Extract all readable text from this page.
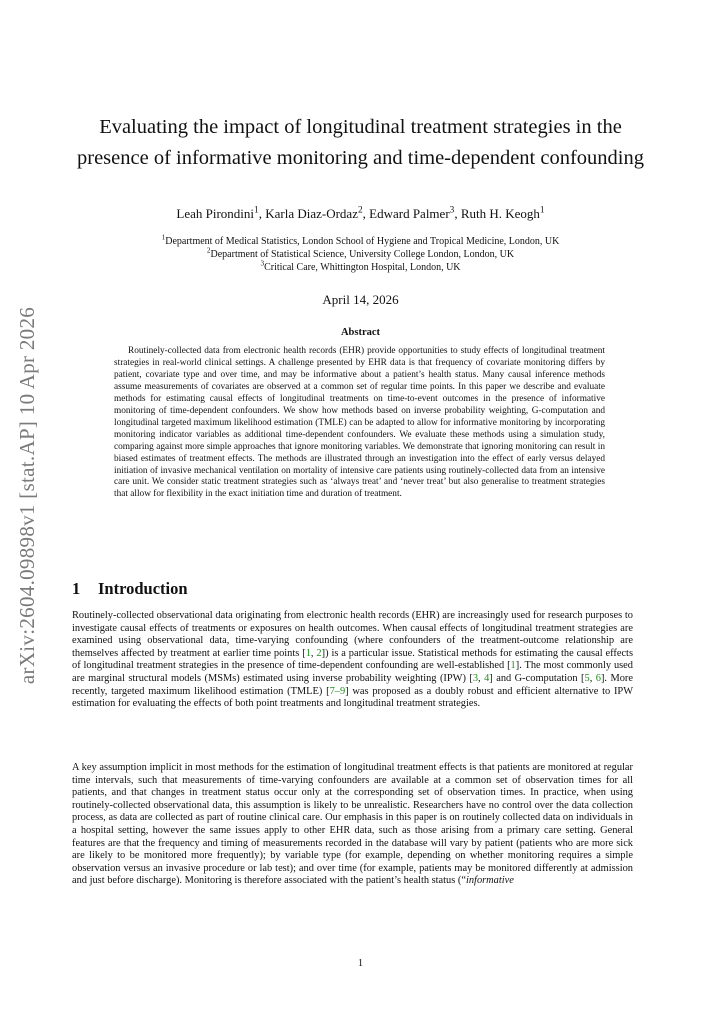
arXiv:2604.09898v1 [stat.AP] 10 Apr 2026
Evaluating the impact of longitudinal treatment strategies in the presence of informative monitoring and time-dependent confounding
Leah Pirondini$^1$, Karla Diaz-Ordaz$^2$, Edward Palmer$^3$, Ruth H. Keogh$^1$
$^1$Department of Medical Statistics, London School of Hygiene and Tropical Medicine, London, UK
$^2$Department of Statistical Science, University College London, London, UK
$^3$Critical Care, Whittington Hospital, London, UK
April 14, 2026
Abstract

Routinely-collected data from electronic health records (EHR) provide opportunities to study effects of longitudinal treatment strategies in real-world clinical settings. A challenge presented by EHR data is that frequency of covariate monitoring differs by patient, covariate type and over time, and may be informative about a patient’s health status. Many causal inference methods assume measurements of covariates are observed at a common set of regular time points. In this paper we describe and evaluate methods for estimating causal effects of longitudinal treatments on time-to-event outcomes in the presence of informative monitoring of time-dependent confounders. We show how methods based on inverse probability weighting, G-computation and longitudinal targeted maximum likelihood estimation (TMLE) can be adapted to allow for informative monitoring by incorporating monitoring indicator variables as additional time-dependent confounders. We evaluate these methods using a simulation study, comparing against more simple approaches that ignore monitoring variables. We demonstrate that ignoring monitoring can result in biased estimates of treatment effects. The methods are illustrated through an investigation into the effect of early versus delayed initiation of invasive mechanical ventilation on mortality of intensive care patients using routinely-collected data from an intensive care unit. We consider static treatment strategies such as ‘always treat’ and ‘never treat’ but also generalise to treatment strategies that allow for flexibility in the exact initiation time and duration of treatment.

1 Introduction

Routinely-collected observational data originating from electronic health records (EHR) are increasingly used for research purposes to investigate causal effects of treatments or exposures on health outcomes. When causal effects of longitudinal treatment strategies are examined using observational data, time-varying confounding (where confounders of the treatment-outcome relationship are themselves affected by treatment at earlier time points [1, 2]) is a particular issue. Statistical methods for estimating the causal effects of longitudinal treatment strategies in the presence of time-dependent confounding are well-established [1]. The most commonly used are marginal structural models (MSMs) estimated using inverse probability weighting (IPW) [3, 4] and G-computation [5, 6]. More recently, targeted maximum likelihood estimation (TMLE) [7–9] was proposed as a doubly robust and efficient alternative to IPW estimation for evaluating the effects of both point treatments and longitudinal treatment strategies.

A key assumption implicit in most methods for the estimation of longitudinal treatment effects is that patients are monitored at regular time intervals, such that measurements of time-varying confounders are available at a common set of observation times for all patients, and that changes in treatment status occur only at the corresponding set of observation times. In practice, when using routinely-collected observational data, this assumption is likely to be unrealistic. Researchers have no control over the data collection process, as data are collected as part of routine clinical care. Our emphasis in this paper is on routinely collected data on individuals in a hospital setting, however the same issues apply to other EHR data, such as those arising from a primary care setting. General features are that the frequency and timing of measurements recorded in the database will vary by patient (patients who are more sick are likely to be monitored more frequently); by variable type (for example, depending on whether monitoring requires a simple observation versus an invasive procedure or lab test); and over time (for example, patients may be monitored differently at admission and just before discharge). Monitoring is therefore associated with the patient’s health status (“informative

1
